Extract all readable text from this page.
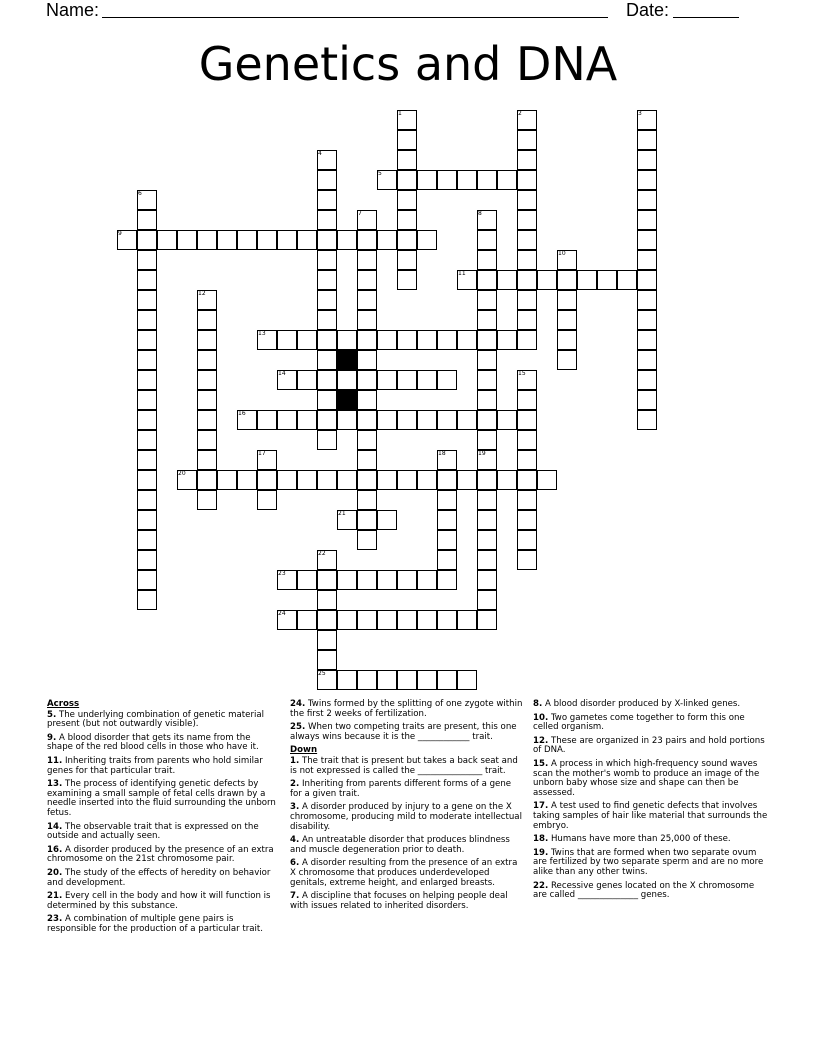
Name:	Date:
Genetics and DNA
1	2	3
4
5
6
7	8
9
10
11
12
13
14	15
16
17	18	19
20
21
22
23
24
25
Across
5. The underlying combination of genetic material present (but not outwardly visible).
9. A blood disorder that gets its name from the shape of the red blood cells in those who have it.
11. Inheriting traits from parents who hold similar genes for that particular trait.
13. The process of identifying genetic defects by examining a small sample of fetal cells drawn by a needle inserted into the fluid surrounding the unborn fetus.
14. The observable trait that is expressed on the outside and actually seen.
16. A disorder produced by the presence of an extra chromosome on the 21st chromosome pair.
20. The study of the effects of heredity on behavior and development.
21. Every cell in the body and how it will function is determined by this substance.
23. A combination of multiple gene pairs is responsible for the production of a particular trait.
24. Twins formed by the splitting of one zygote within the first 2 weeks of fertilization.
25. When two competing traits are present, this one always wins because it is the ____________ trait.
Down
1. The trait that is present but takes a back seat and is not expressed is called the _______________ trait.
2. Inheriting from parents different forms of a gene for a given trait.
3. A disorder produced by injury to a gene on the X chromosome, producing mild to moderate intellectual disability.
4. An untreatable disorder that produces blindness and muscle degeneration prior to death.
6. A disorder resulting from the presence of an extra X chromosome that produces underdeveloped genitals, extreme height, and enlarged breasts.
7. A discipline that focuses on helping people deal with issues related to inherited disorders.
8. A blood disorder produced by X-linked genes.
10. Two gametes come together to form this one celled organism.
12. These are organized in 23 pairs and hold portions of DNA.
15. A process in which high-frequency sound waves scan the mother's womb to produce an image of the unborn baby whose size and shape can then be assessed.
17. A test used to find genetic defects that involves taking samples of hair like material that surrounds the embryo.
18. Humans have more than 25,000 of these.
19. Twins that are formed when two separate ovum are fertilized by two separate sperm and are no more alike than any other twins.
22. Recessive genes located on the X chromosome are called ______________ genes.
